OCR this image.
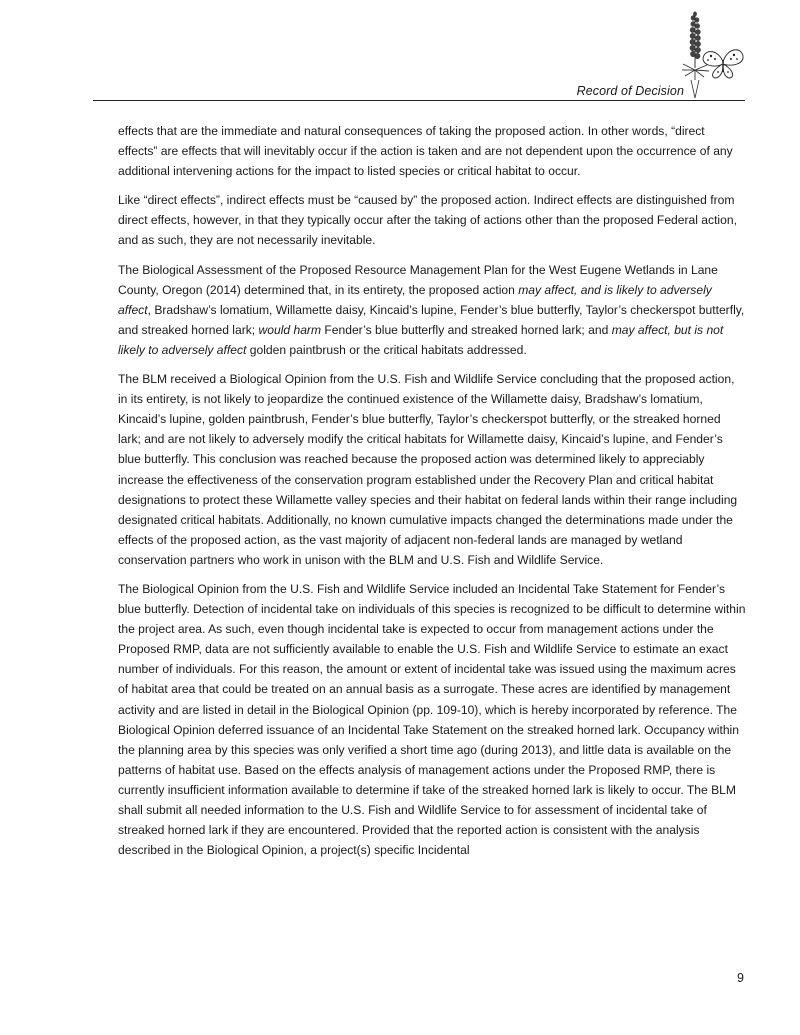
Record of Decision

effects that are the immediate and natural consequences of taking the proposed action. In other words, “direct effects” are effects that will inevitably occur if the action is taken and are not dependent upon the occurrence of any additional intervening actions for the impact to listed species or critical habitat to occur.

Like “direct effects”, indirect effects must be “caused by” the proposed action. Indirect effects are distinguished from direct effects, however, in that they typically occur after the taking of actions other than the proposed Federal action, and as such, they are not necessarily inevitable.

The Biological Assessment of the Proposed Resource Management Plan for the West Eugene Wetlands in Lane County, Oregon (2014) determined that, in its entirety, the proposed action may affect, and is likely to adversely affect, Bradshaw’s lomatium, Willamette daisy, Kincaid’s lupine, Fender’s blue butterfly, Taylor’s checkerspot butterfly, and streaked horned lark; would harm Fender’s blue butterfly and streaked horned lark; and may affect, but is not likely to adversely affect golden paintbrush or the critical habitats addressed.

The BLM received a Biological Opinion from the U.S. Fish and Wildlife Service concluding that the proposed action, in its entirety, is not likely to jeopardize the continued existence of the Willamette daisy, Bradshaw’s lomatium, Kincaid’s lupine, golden paintbrush, Fender’s blue butterfly, Taylor’s checkerspot butterfly, or the streaked horned lark; and are not likely to adversely modify the critical habitats for Willamette daisy, Kincaid’s lupine, and Fender’s blue butterfly. This conclusion was reached because the proposed action was determined likely to appreciably increase the effectiveness of the conservation program established under the Recovery Plan and critical habitat designations to protect these Willamette valley species and their habitat on federal lands within their range including designated critical habitats. Additionally, no known cumulative impacts changed the determinations made under the effects of the proposed action, as the vast majority of adjacent non-federal lands are managed by wetland conservation partners who work in unison with the BLM and U.S. Fish and Wildlife Service.

The Biological Opinion from the U.S. Fish and Wildlife Service included an Incidental Take Statement for Fender’s blue butterfly. Detection of incidental take on individuals of this species is recognized to be difficult to determine within the project area. As such, even though incidental take is expected to occur from management actions under the Proposed RMP, data are not sufficiently available to enable the U.S. Fish and Wildlife Service to estimate an exact number of individuals. For this reason, the amount or extent of incidental take was issued using the maximum acres of habitat area that could be treated on an annual basis as a surrogate. These acres are identified by management activity and are listed in detail in the Biological Opinion (pp. 109-10), which is hereby incorporated by reference. The Biological Opinion deferred issuance of an Incidental Take Statement on the streaked horned lark. Occupancy within the planning area by this species was only verified a short time ago (during 2013), and little data is available on the patterns of habitat use. Based on the effects analysis of management actions under the Proposed RMP, there is currently insufficient information available to determine if take of the streaked horned lark is likely to occur. The BLM shall submit all needed information to the U.S. Fish and Wildlife Service to for assessment of incidental take of streaked horned lark if they are encountered. Provided that the reported action is consistent with the analysis described in the Biological Opinion, a project(s) specific Incidental

9
